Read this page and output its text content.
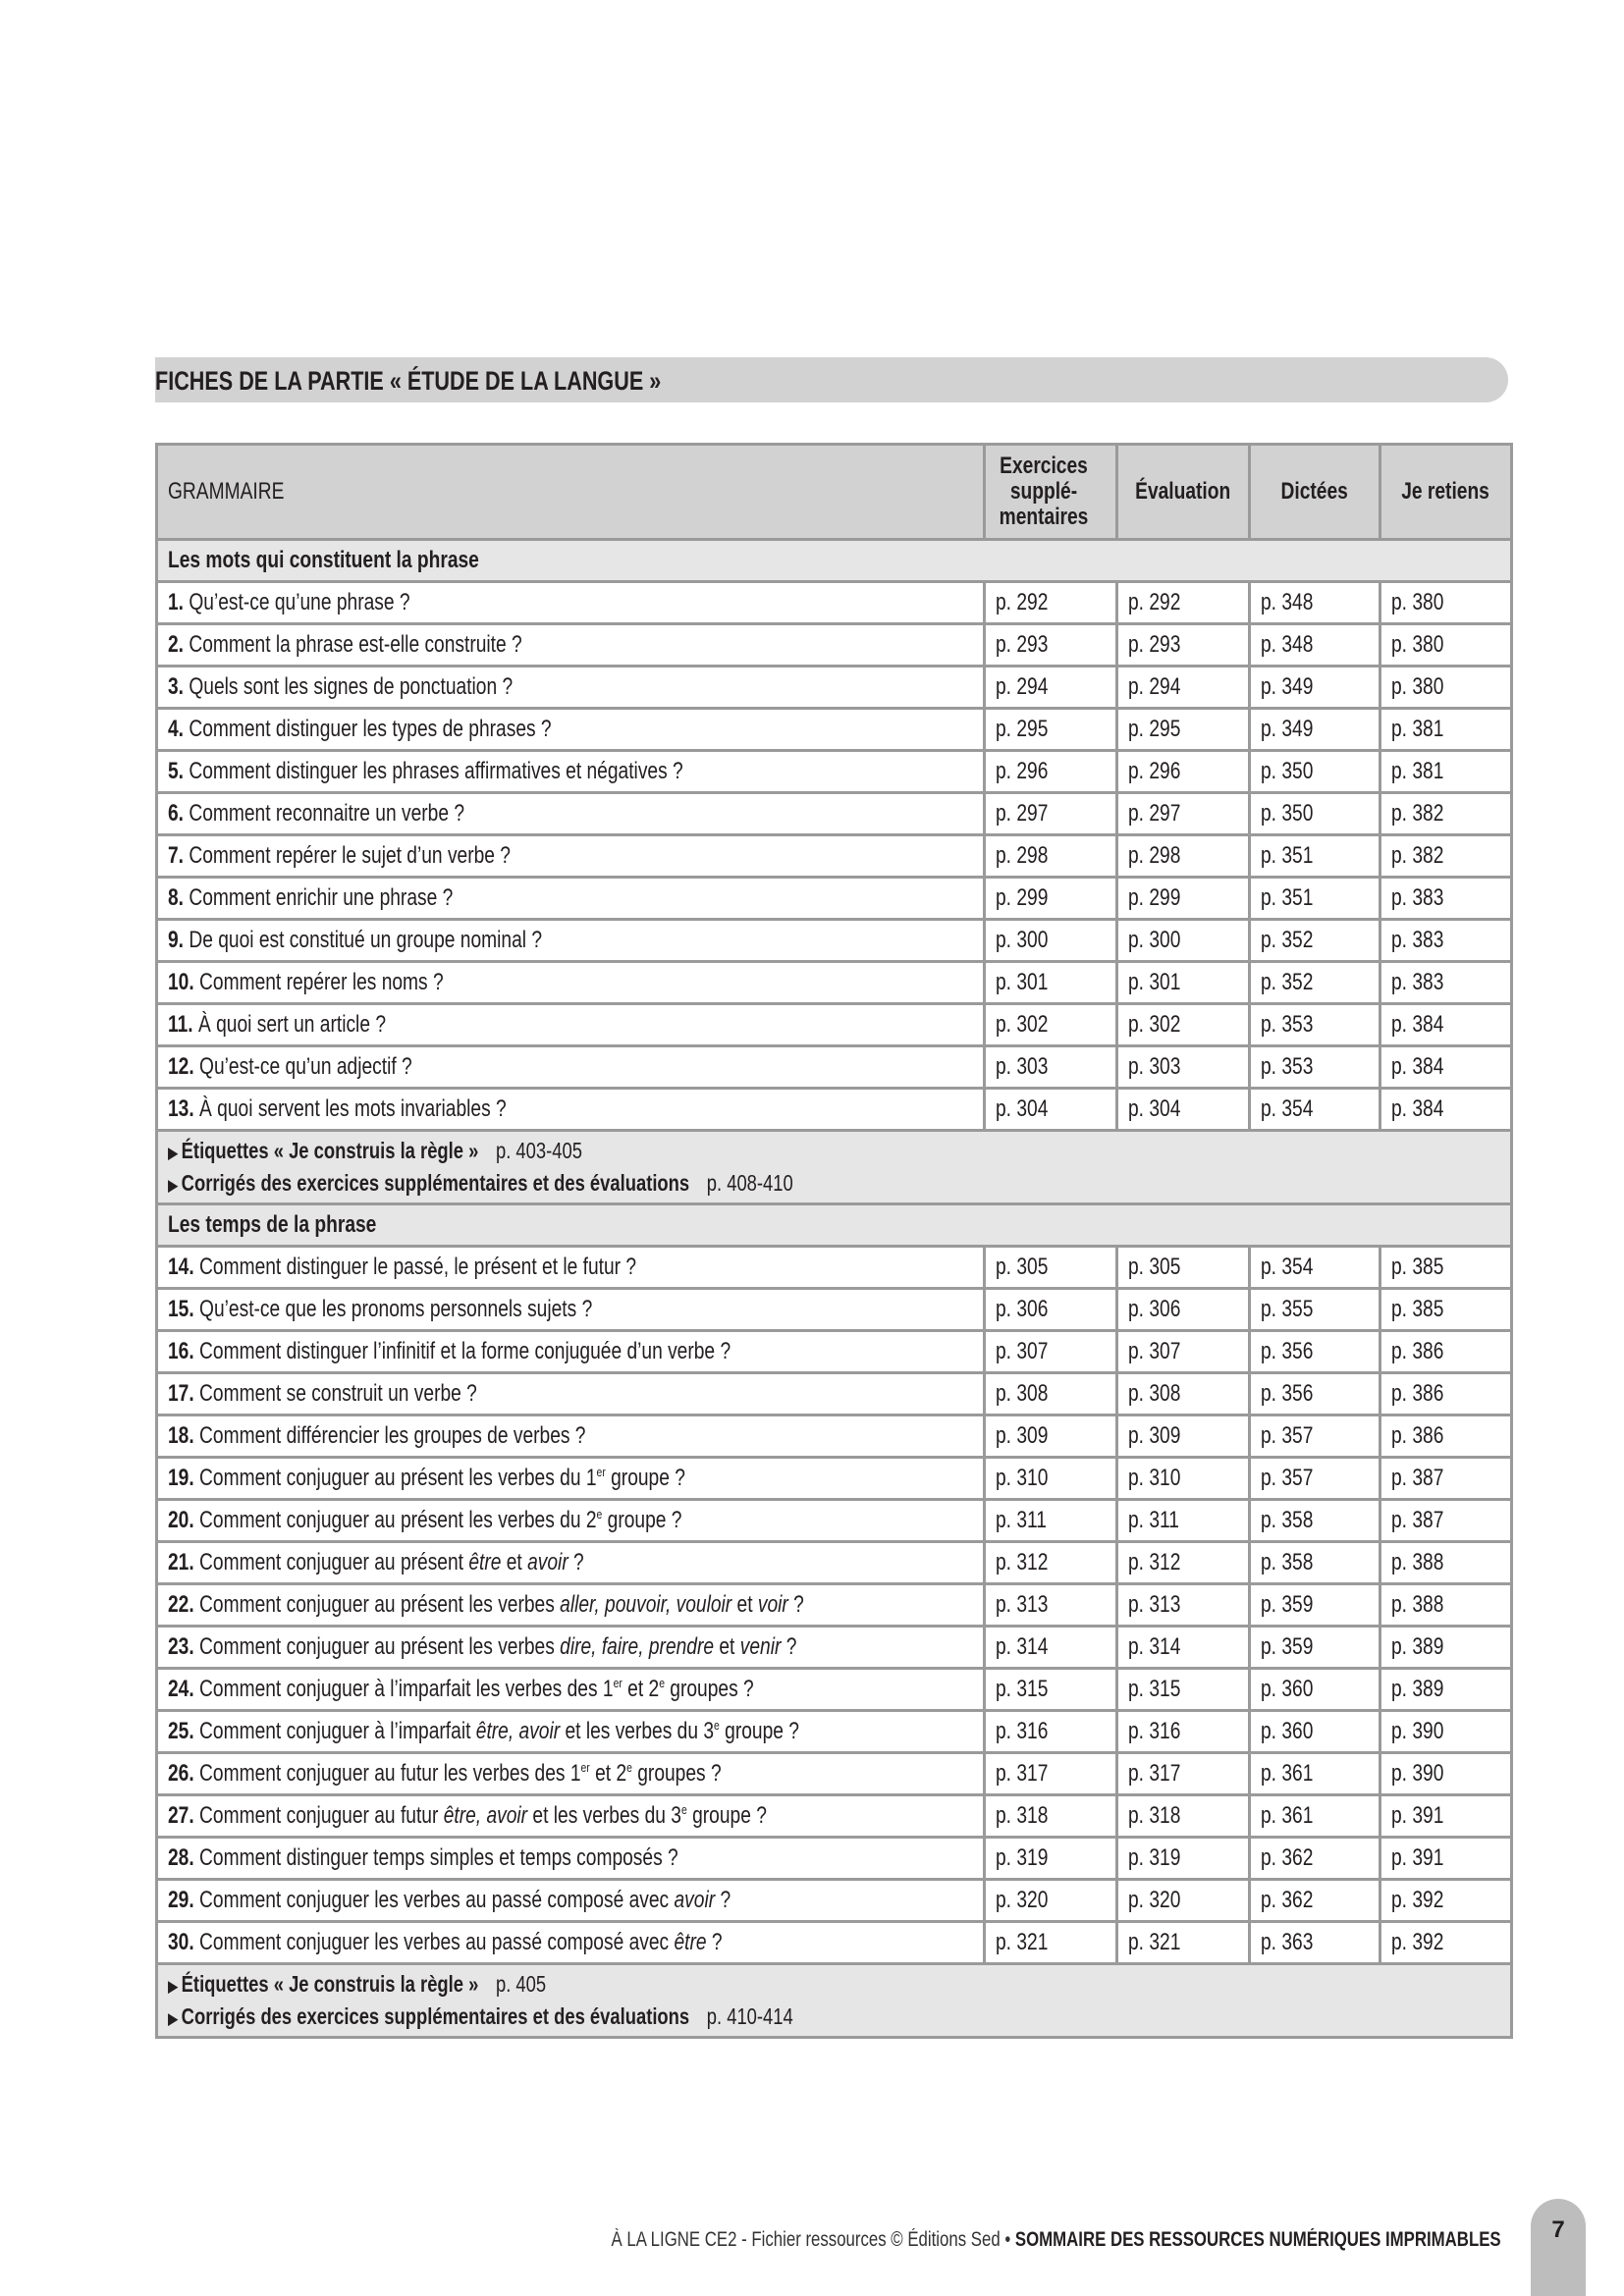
FICHES DE LA PARTIE « ÉTUDE DE LA LANGUE »
GRAMMAIRE	Exercices
supplé-
mentaires	Évaluation	Dictées	Je retiens
Les mots qui constituent la phrase				
1. Qu’est-ce qu’une phrase ?	p. 292	p. 292	p. 348	p. 380
2. Comment la phrase est-elle construite ?	p. 293	p. 293	p. 348	p. 380
3. Quels sont les signes de ponctuation ?	p. 294	p. 294	p. 349	p. 380
4. Comment distinguer les types de phrases ?	p. 295	p. 295	p. 349	p. 381
5. Comment distinguer les phrases affirmatives et négatives ?	p. 296	p. 296	p. 350	p. 381
6. Comment reconnaitre un verbe ?	p. 297	p. 297	p. 350	p. 382
7. Comment repérer le sujet d’un verbe ?	p. 298	p. 298	p. 351	p. 382
8. Comment enrichir une phrase ?	p. 299	p. 299	p. 351	p. 383
9. De quoi est constitué un groupe nominal ?	p. 300	p. 300	p. 352	p. 383
10. Comment repérer les noms ?	p. 301	p. 301	p. 352	p. 383
11. À quoi sert un article ?	p. 302	p. 302	p. 353	p. 384
12. Qu’est-ce qu’un adjectif ?	p. 303	p. 303	p. 353	p. 384
13. À quoi servent les mots invariables ?	p. 304	p. 304	p. 354	p. 384

▶ Étiquettes « Je construis la règle » p. 403-405
▶ Corrigés des exercices supplémentaires et des évaluations p. 408-410				

Les temps de la phrase				
14. Comment distinguer le passé, le présent et le futur ?	p. 305	p. 305	p. 354	p. 385
15. Qu’est-ce que les pronoms personnels sujets ?	p. 306	p. 306	p. 355	p. 385
16. Comment distinguer l’infinitif et la forme conjuguée d’un verbe ?	p. 307	p. 307	p. 356	p. 386
17. Comment se construit un verbe ?	p. 308	p. 308	p. 356	p. 386
18. Comment différencier les groupes de verbes ?	p. 309	p. 309	p. 357	p. 386
19. Comment conjuguer au présent les verbes du 1er groupe ?	p. 310	p. 310	p. 357	p. 387
20. Comment conjuguer au présent les verbes du 2e groupe ?	p. 311	p. 311	p. 358	p. 387
21. Comment conjuguer au présent être et avoir ?	p. 312	p. 312	p. 358	p. 388
22. Comment conjuguer au présent les verbes aller, pouvoir, vouloir et voir ?	p. 313	p. 313	p. 359	p. 388
23. Comment conjuguer au présent les verbes dire, faire, prendre et venir ?	p. 314	p. 314	p. 359	p. 389
24. Comment conjuguer à l’imparfait les verbes des 1er et 2e groupes ?	p. 315	p. 315	p. 360	p. 389
25. Comment conjuguer à l’imparfait être, avoir et les verbes du 3e groupe ?	p. 316	p. 316	p. 360	p. 390
26. Comment conjuguer au futur les verbes des 1er et 2e groupes ?	p. 317	p. 317	p. 361	p. 390
27. Comment conjuguer au futur être, avoir et les verbes du 3e groupe ?	p. 318	p. 318	p. 361	p. 391
28. Comment distinguer temps simples et temps composés ?	p. 319	p. 319	p. 362	p. 391
29. Comment conjuguer les verbes au passé composé avec avoir ?	p. 320	p. 320	p. 362	p. 392
30. Comment conjuguer les verbes au passé composé avec être ?	p. 321	p. 321	p. 363	p. 392

▶ Étiquettes « Je construis la règle » p. 405
▶ Corrigés des exercices supplémentaires et des évaluations p. 410-414				
À LA LIGNE CE2 - Fichier ressources © Éditions Sed • SOMMAIRE DES RESSOURCES NUMÉRIQUES IMPRIMABLES	7
